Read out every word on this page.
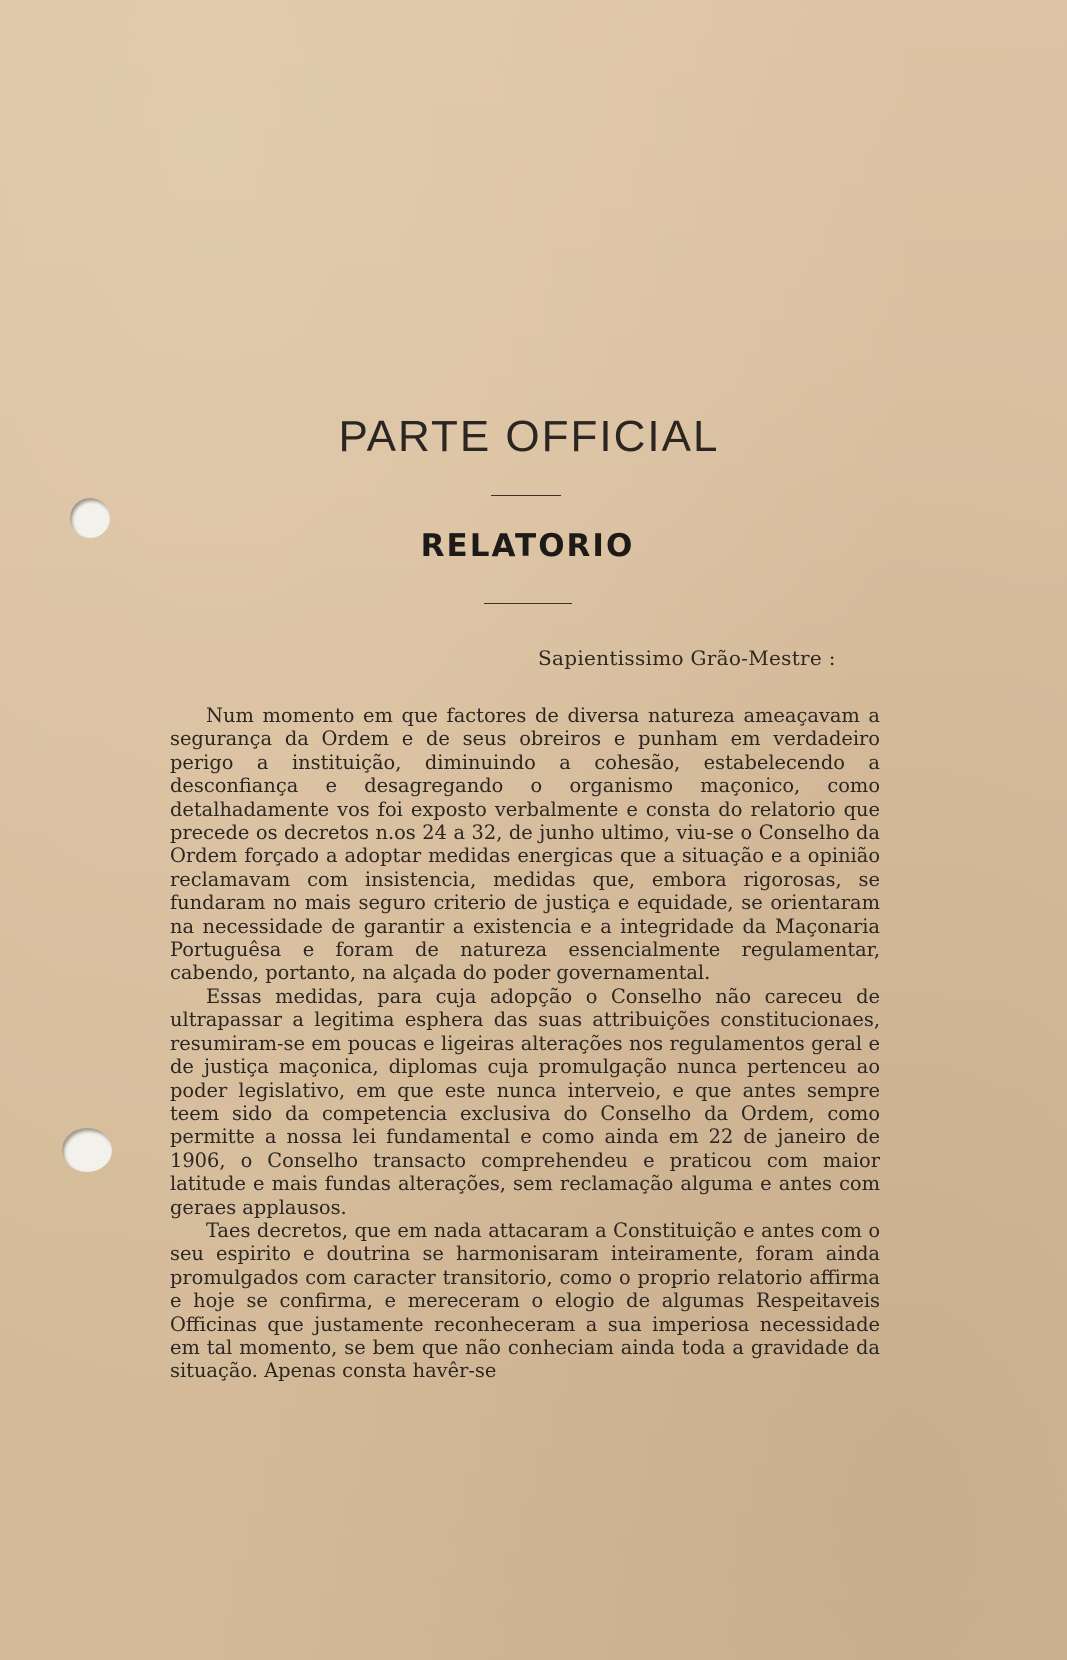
PARTE OFFICIAL
RELATORIO
Sapientissimo Grão-Mestre :

Num momento em que factores de diversa natureza ameaçavam a segurança da Ordem e de seus obreiros e punham em verdadeiro perigo a instituição, diminuindo a cohesão, estabelecendo a desconfiança e desagregando o organismo maçonico, como detalhadamente vos foi exposto verbalmente e consta do relatorio que precede os decretos n.os 24 a 32, de junho ultimo, viu-se o Conselho da Ordem forçado a adoptar medidas energicas que a situação e a opinião reclamavam com insistencia, medidas que, embora rigorosas, se fundaram no mais seguro criterio de justiça e equidade, se orientaram na necessidade de garantir a existencia e a integridade da Maçonaria Portuguêsa e foram de natureza essencialmente regulamentar, cabendo, portanto, na alçada do poder governamental.

Essas medidas, para cuja adopção o Conselho não careceu de ultrapassar a legitima esphera das suas attribuições constitucionaes, resumiram-se em poucas e ligeiras alterações nos regulamentos geral e de justiça maçonica, diplomas cuja promulgação nunca pertenceu ao poder legislativo, em que este nunca interveio, e que antes sempre teem sido da competencia exclusiva do Conselho da Ordem, como permitte a nossa lei fundamental e como ainda em 22 de janeiro de 1906, o Conselho transacto comprehendeu e praticou com maior latitude e mais fundas alterações, sem reclamação alguma e antes com geraes applausos.

Taes decretos, que em nada attacaram a Constituição e antes com o seu espirito e doutrina se harmonisaram inteiramente, foram ainda promulgados com caracter transitorio, como o proprio relatorio affirma e hoje se confirma, e mereceram o elogio de algumas Respeitaveis Officinas que justamente reconheceram a sua imperiosa necessidade em tal momento, se bem que não conheciam ainda toda a gravidade da situação. Apenas consta havêr-se
